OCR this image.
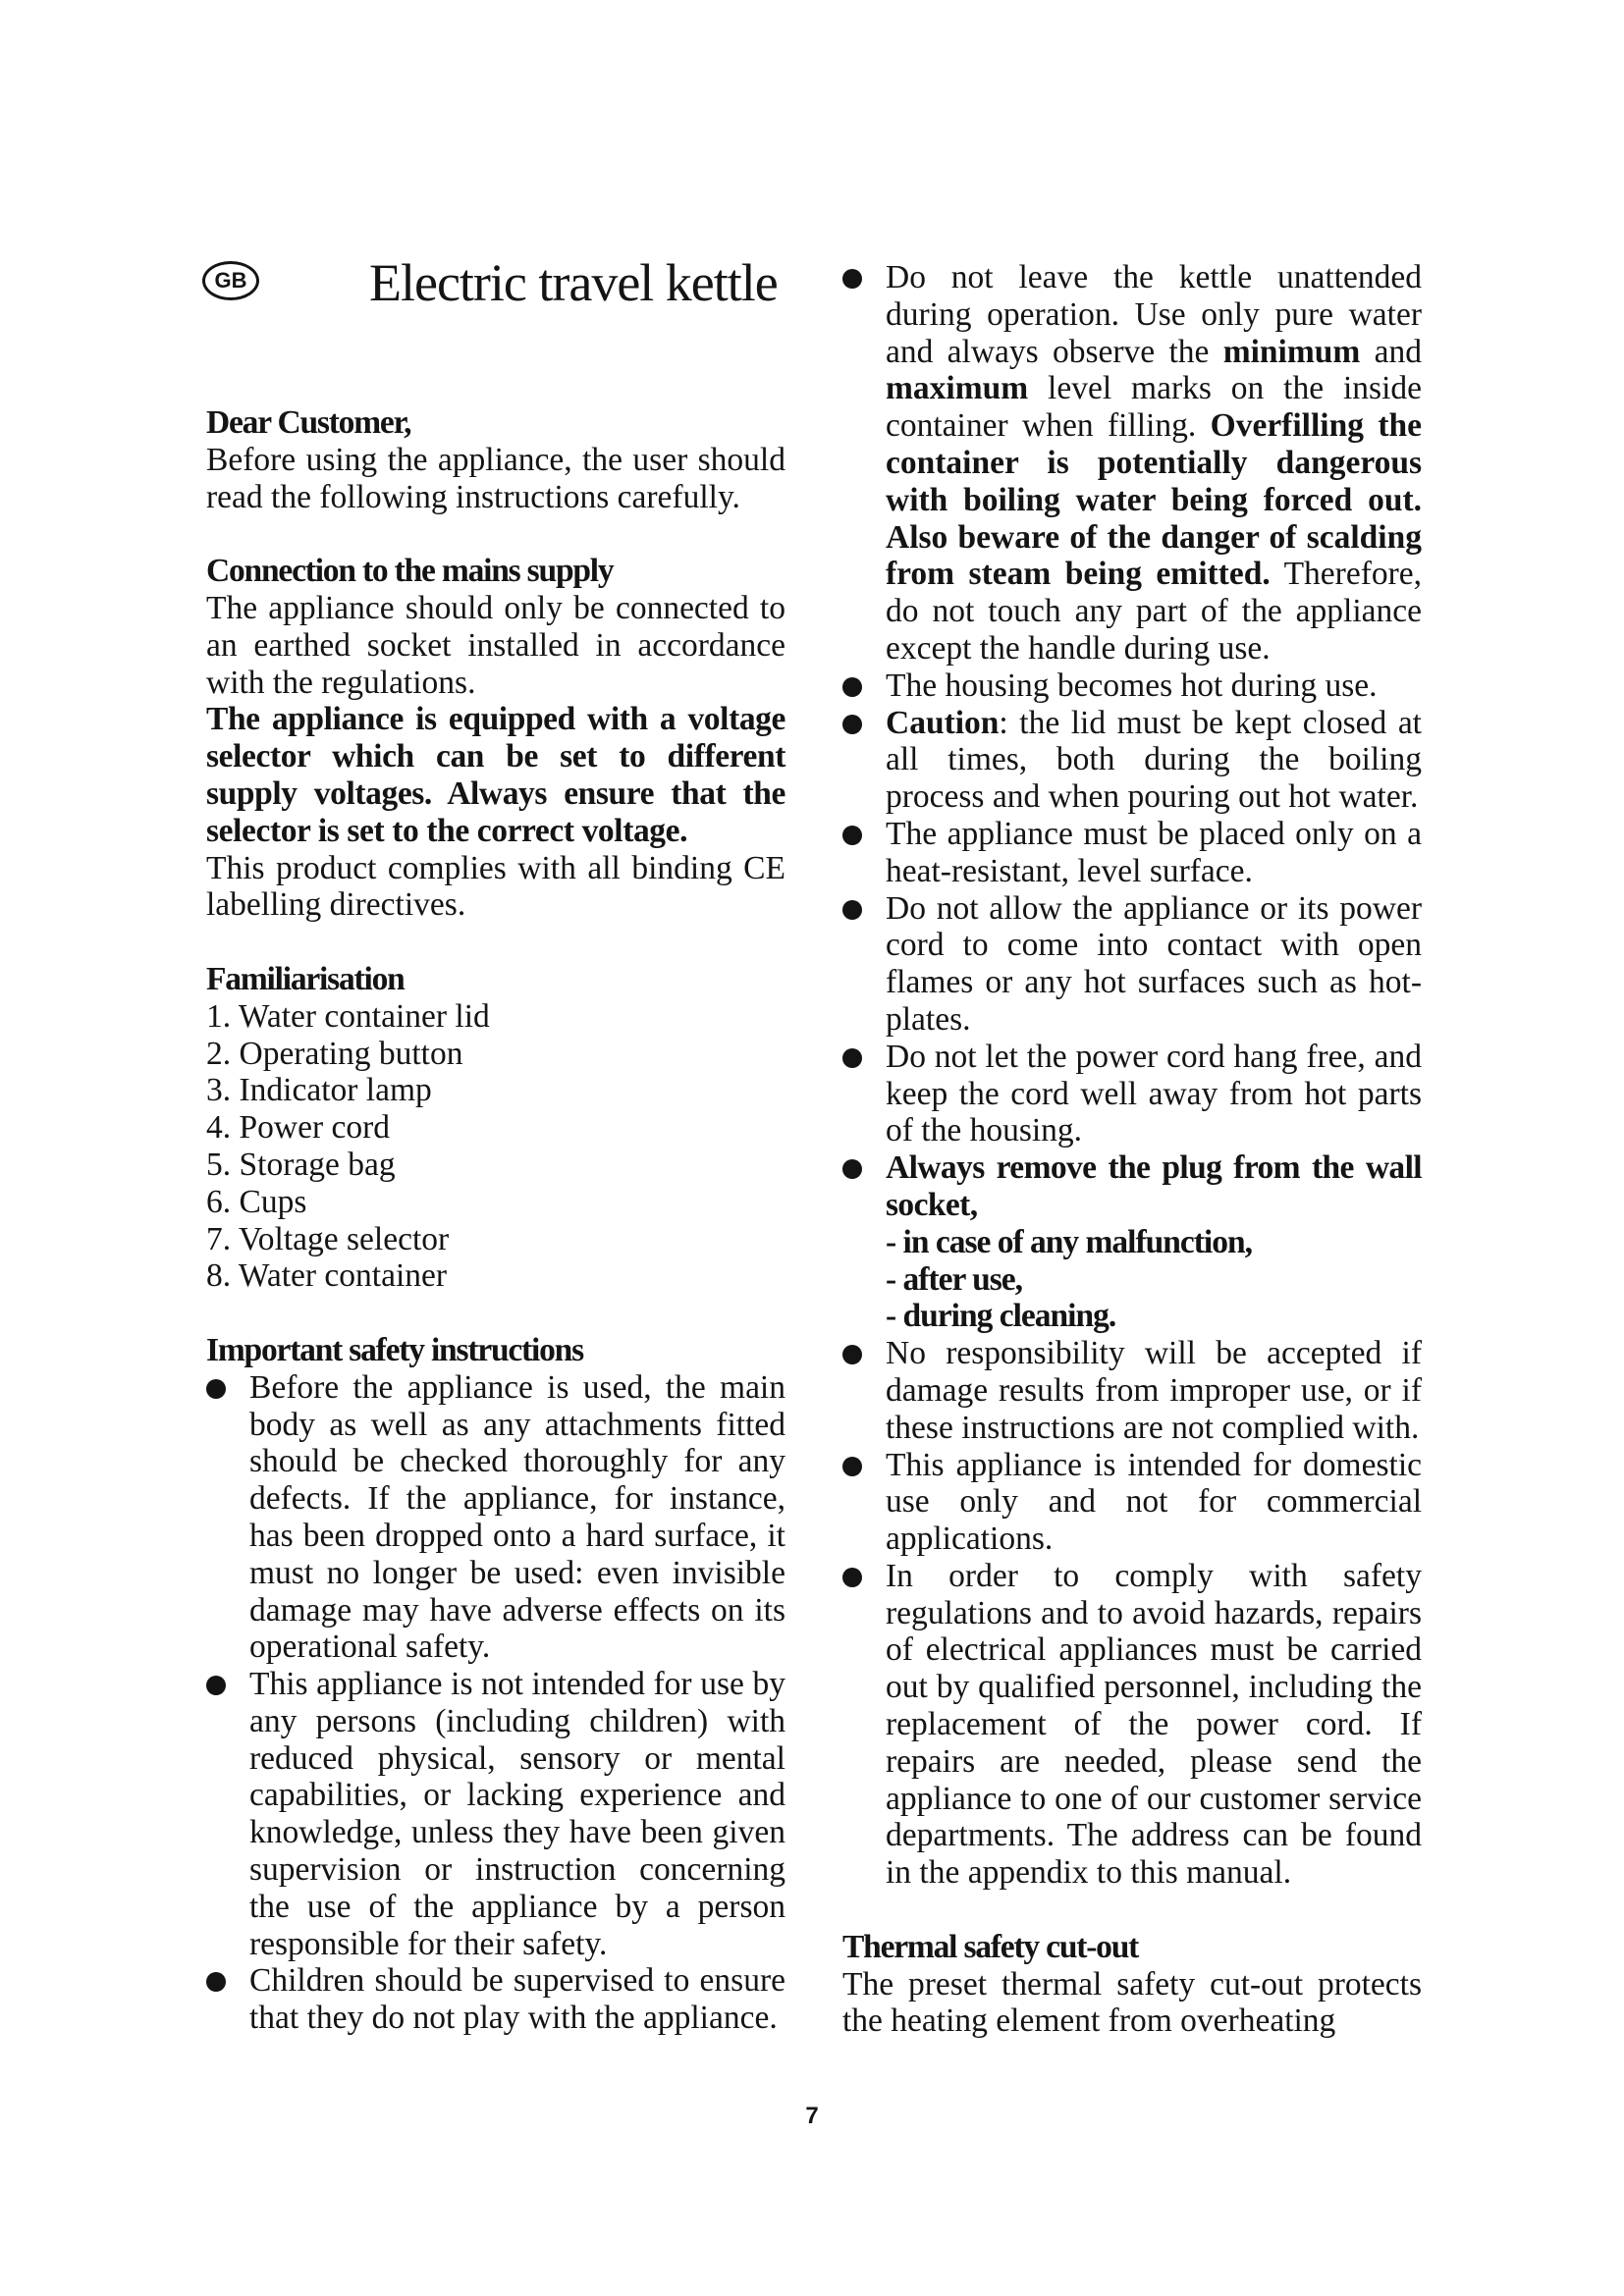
GB Electric travel kettle

Dear Customer,

Before using the appliance, the user should read the following instructions carefully.

Connection to the mains supply

The appliance should only be connected to an earthed socket installed in accordance with the regulations.

The appliance is equipped with a voltage selector which can be set to different supply voltages. Always ensure that the selector is set to the correct voltage.

This product complies with all binding CE labelling directives.

Familiarisation

1. Water container lid
2. Operating button
3. Indicator lamp
4. Power cord
5. Storage bag
6. Cups
7. Voltage selector
8. Water container

Important safety instructions

Before the appliance is used, the main body as well as any attachments fitted should be checked thoroughly for any defects. If the appliance, for instance, has been dropped onto a hard surface, it must no longer be used: even invisible damage may have adverse effects on its operational safety.
This appliance is not intended for use by any persons (including children) with reduced physical, sensory or mental capabilities, or lacking experience and knowledge, unless they have been given supervision or instruction concerning the use of the appliance by a person responsible for their safety.
Children should be supervised to ensure that they do not play with the appliance.
Do not leave the kettle unattended during operation. Use only pure water and always observe the minimum and maximum level marks on the inside container when filling. Overfilling the container is potentially dangerous with boiling water being forced out. Also beware of the danger of scalding from steam being emitted. Therefore, do not touch any part of the appliance except the handle during use.
The housing becomes hot during use.
Caution: the lid must be kept closed at all times, both during the boiling process and when pouring out hot water.
The appliance must be placed only on a heat-resistant, level surface.
Do not allow the appliance or its power cord to come into contact with open flames or any hot surfaces such as hot-plates.
Do not let the power cord hang free, and keep the cord well away from hot parts of the housing.
Always remove the plug from the wall socket,
- in case of any malfunction,
- after use,
- during cleaning.
No responsibility will be accepted if damage results from improper use, or if these instructions are not complied with.
This appliance is intended for domestic use only and not for commercial applications.
In order to comply with safety regulations and to avoid hazards, repairs of electrical appliances must be carried out by qualified personnel, including the replacement of the power cord. If repairs are needed, please send the appliance to one of our customer service departments. The address can be found in the appendix to this manual.

Thermal safety cut-out

The preset thermal safety cut-out protects the heating element from overheating

7
